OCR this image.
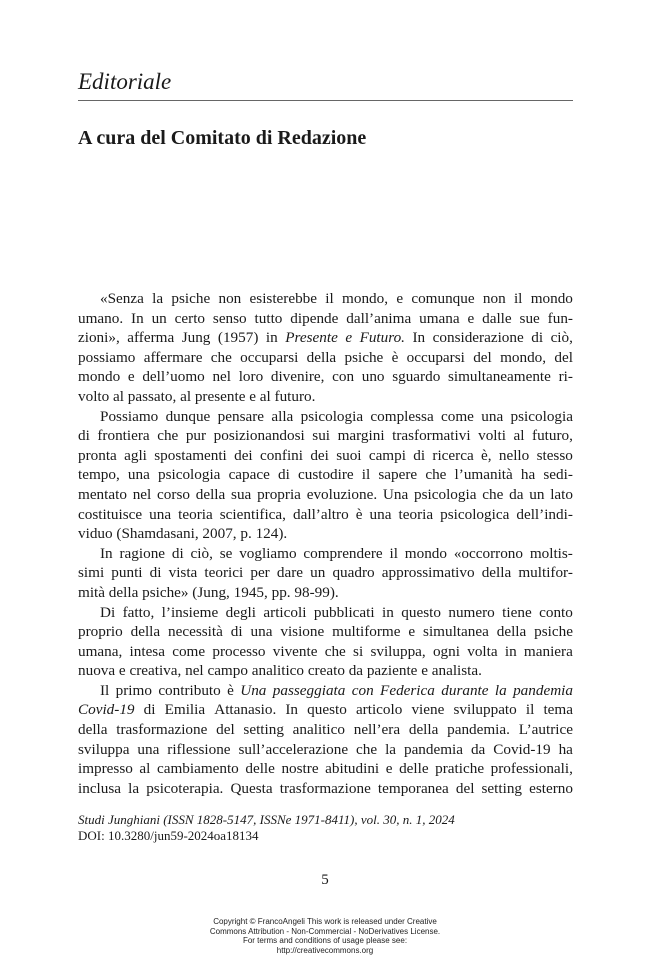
Editoriale
A cura del Comitato di Redazione
«Senza la psiche non esisterebbe il mondo, e comunque non il mondo
umano. In un certo senso tutto dipende dall’anima umana e dalle sue fun-
zioni», afferma Jung (1957) in Presente e Futuro. In considerazione di ciò,
possiamo affermare che occuparsi della psiche è occuparsi del mondo, del
mondo e dell’uomo nel loro divenire, con uno sguardo simultaneamente ri-
volto al passato, al presente e al futuro.
Possiamo dunque pensare alla psicologia complessa come una psicologia
di frontiera che pur posizionandosi sui margini trasformativi volti al futuro,
pronta agli spostamenti dei confini dei suoi campi di ricerca è, nello stesso
tempo, una psicologia capace di custodire il sapere che l’umanità ha sedi-
mentato nel corso della sua propria evoluzione. Una psicologia che da un lato
costituisce una teoria scientifica, dall’altro è una teoria psicologica dell’indi-
viduo (Shamdasani, 2007, p. 124).
In ragione di ciò, se vogliamo comprendere il mondo «occorrono moltis-
simi punti di vista teorici per dare un quadro approssimativo della multifor-
mità della psiche» (Jung, 1945, pp. 98-99).
Di fatto, l’insieme degli articoli pubblicati in questo numero tiene conto
proprio della necessità di una visione multiforme e simultanea della psiche
umana, intesa come processo vivente che si sviluppa, ogni volta in maniera
nuova e creativa, nel campo analitico creato da paziente e analista.
Il primo contributo è Una passeggiata con Federica durante la pandemia
Covid-19 di Emilia Attanasio. In questo articolo viene sviluppato il tema
della trasformazione del setting analitico nell’era della pandemia. L’autrice
sviluppa una riflessione sull’accelerazione che la pandemia da Covid-19 ha
impresso al cambiamento delle nostre abitudini e delle pratiche professionali,
inclusa la psicoterapia. Questa trasformazione temporanea del setting esterno
Studi Junghiani (ISSN 1828-5147, ISSNe 1971-8411), vol. 30, n. 1, 2024
DOI: 10.3280/jun59-2024oa18134
5
Copyright © FrancoAngeli This work is released under Creative
Commons Attribution - Non-Commercial - NoDerivatives License.
For terms and conditions of usage please see:
http://creativecommons.org
